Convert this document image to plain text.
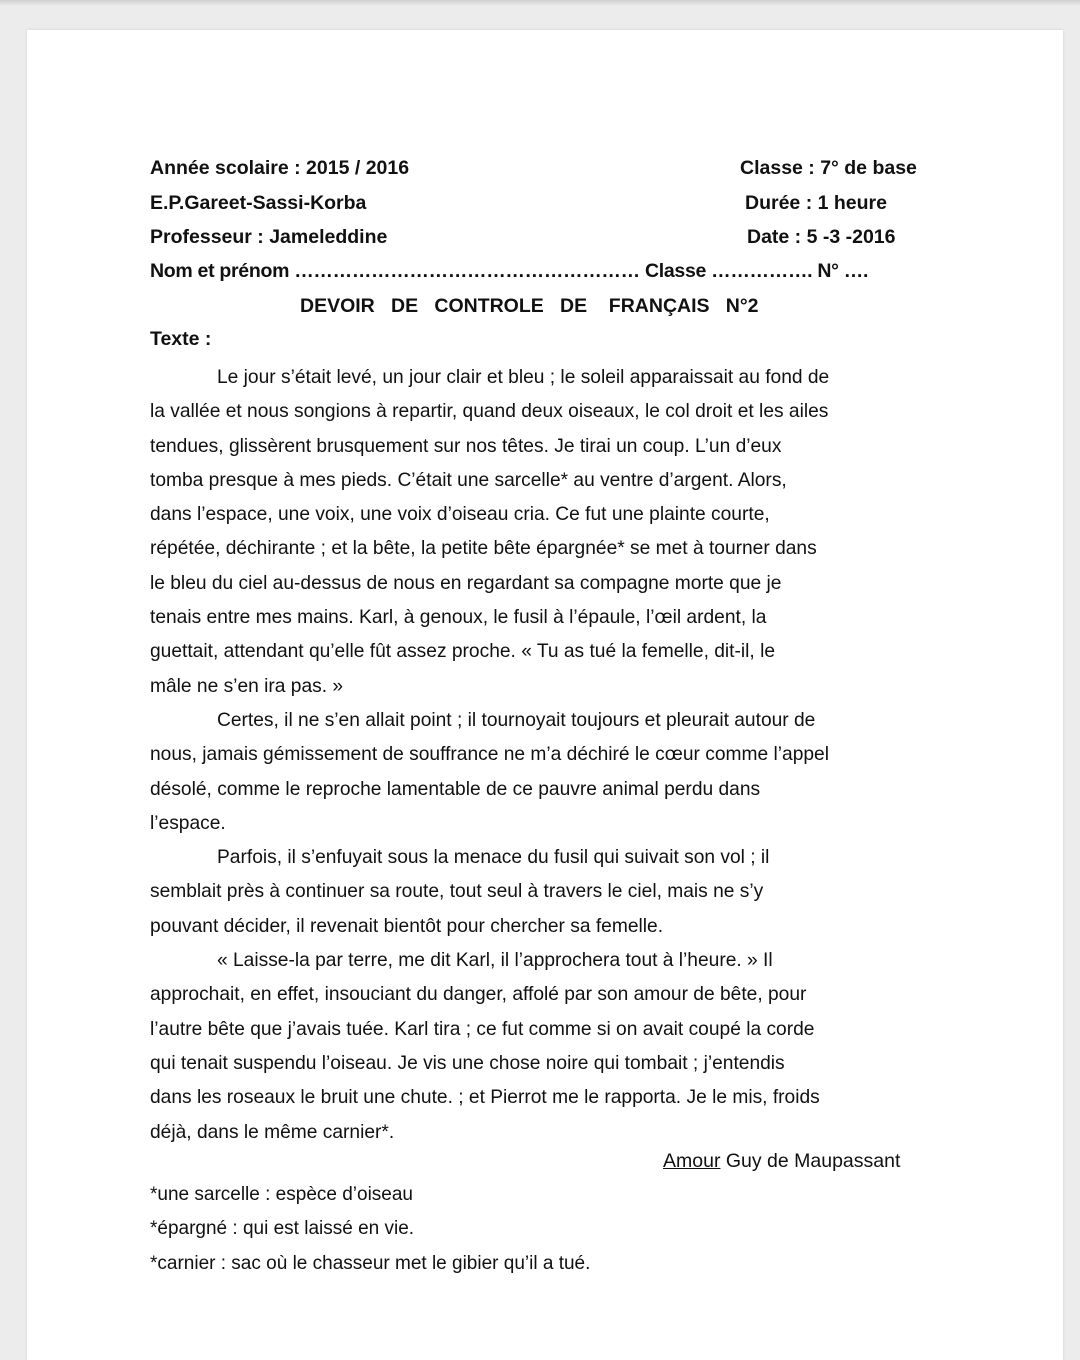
Année scolaire : 2015 / 2016	Classe : 7° de base
E.P.Gareet-Sassi-Korba	Durée : 1 heure
Professeur : Jameleddine	Date : 5 -3 -2016
Nom et prénom ……………………………………………… Classe ……………. N° ….
DEVOIR   DE   CONTROLE   DE    FRANÇAIS   N°2
Texte :
Le jour s’était levé, un jour clair et bleu ; le soleil apparaissait au fond de
la vallée et nous songions à repartir, quand deux oiseaux, le col droit et les ailes
tendues, glissèrent brusquement sur nos têtes. Je tirai un coup. L’un d’eux
tomba presque à mes pieds. C’était une sarcelle* au ventre d’argent. Alors,
dans l’espace, une voix, une voix d’oiseau cria. Ce fut une plainte courte,
répétée, déchirante ; et la bête, la petite bête épargnée* se met à tourner dans
le bleu du ciel au-dessus de nous en regardant sa compagne morte que je
tenais entre mes mains. Karl, à genoux, le fusil à l’épaule, l’œil ardent, la
guettait, attendant qu’elle fût assez proche. « Tu as tué la femelle, dit-il, le
mâle ne s’en ira pas. »
Certes, il ne s’en allait point ; il tournoyait toujours et pleurait autour de
nous, jamais gémissement de souffrance ne m’a déchiré le cœur comme l’appel
désolé, comme le reproche lamentable de ce pauvre animal perdu dans
l’espace.
Parfois, il s’enfuyait sous la menace du fusil qui suivait son vol ; il
semblait près à continuer sa route, tout seul à travers le ciel, mais ne s’y
pouvant décider, il revenait bientôt pour chercher sa femelle.
« Laisse-la par terre, me dit Karl, il l’approchera tout à l’heure. » Il
approchait, en effet, insouciant du danger, affolé par son amour de bête, pour
l’autre bête que j’avais tuée. Karl tira ; ce fut comme si on avait coupé la corde
qui tenait suspendu l’oiseau. Je vis une chose noire qui tombait ; j’entendis
dans les roseaux le bruit une chute. ; et Pierrot me le rapporta. Je le mis, froids
déjà, dans le même carnier*.
Amour Guy de Maupassant
*une sarcelle : espèce d’oiseau
*épargné : qui est laissé en vie.
*carnier : sac où le chasseur met le gibier qu’il a tué.
